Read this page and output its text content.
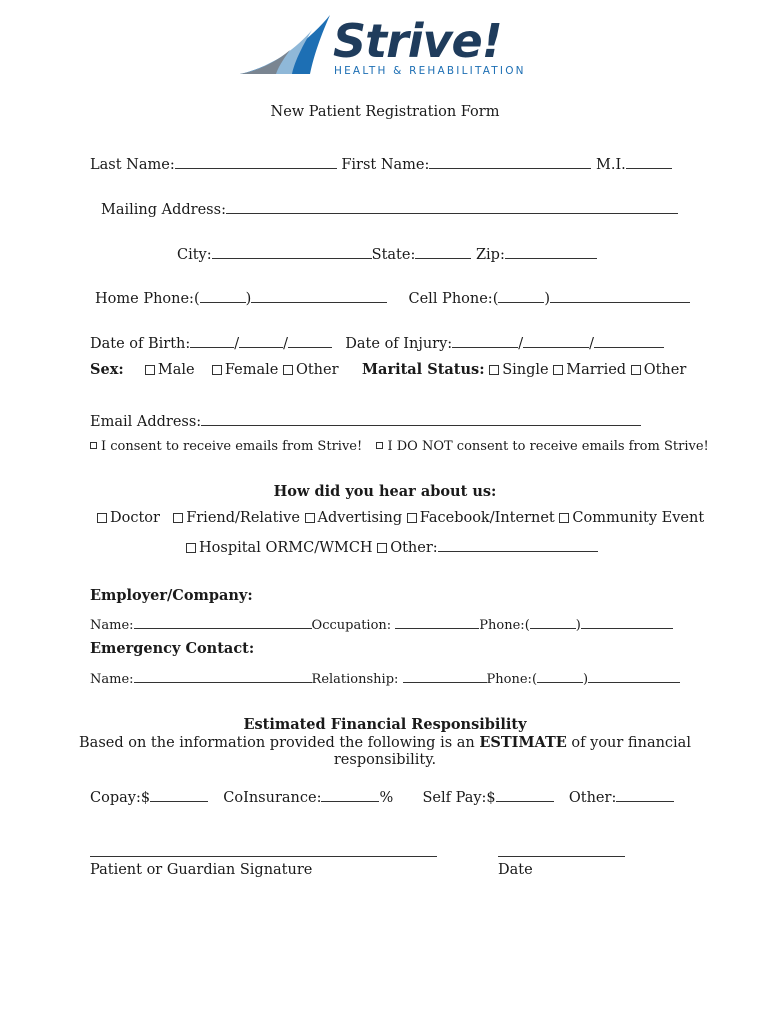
Strive!
HEALTH & REHABILITATION
New Patient Registration Form
Last Name:	First Name:	M.I.
Mailing Address:
City:	State:	Zip:
Home Phone:(	)	Cell Phone:(	)
Date of Birth:	/	/	Date of Injury:	/	/
Sex: Male Female Other Marital Status: Single Married Other
Email Address:
I consent to receive emails from Strive! I DO NOT consent to receive emails from Strive!
How did you hear about us:
Doctor Friend/Relative Advertising Facebook/Internet Community Event
Hospital ORMC/WMCH Other:
Employer/Company:
Name:	Occupation:	Phone:(	)
Emergency Contact:
Name:	Relationship:	Phone:(	)
Estimated Financial Responsibility
Based on the information provided the following is an ESTIMATE of your financial
responsibility.
Copay:$	CoInsurance:	% Self Pay:$	Other:
Patient or Guardian Signature	Date
